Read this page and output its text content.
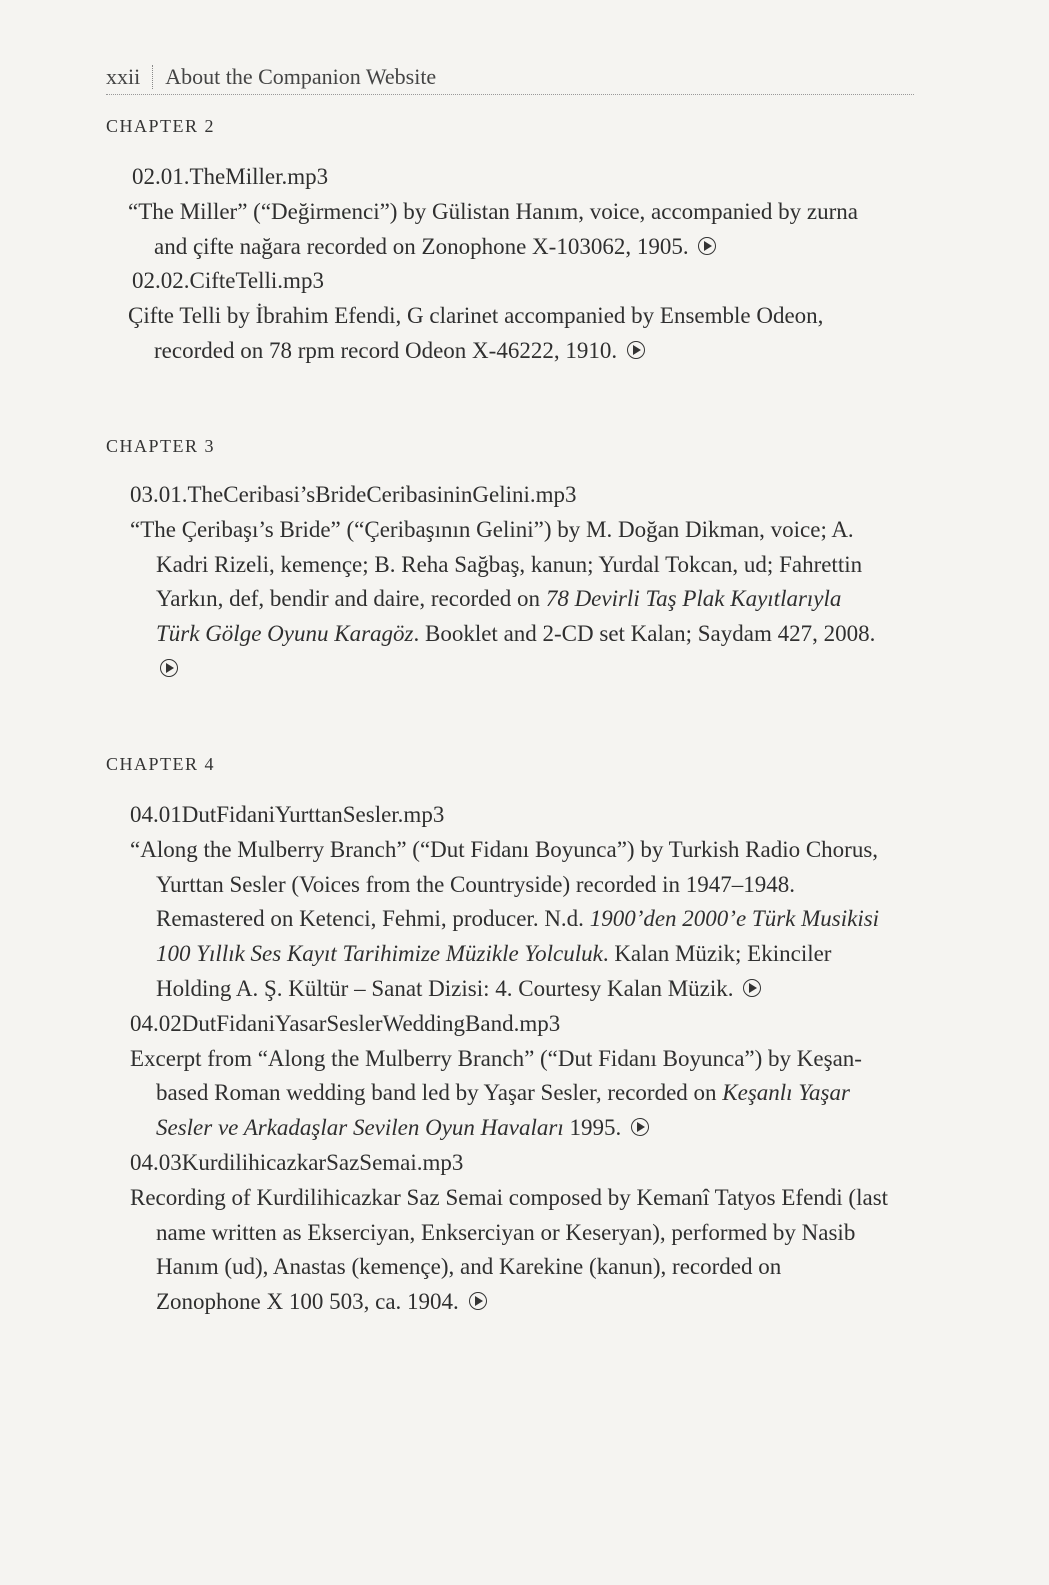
xxii About the Companion Website
CHAPTER 2
02.01.TheMiller.mp3
“The Miller” (“Değirmenci”) by Gülistan Hanım, voice, accompanied by zurna and çifte nağara recorded on Zonophone X-103062, 1905.
02.02.CifteTelli.mp3
Çifte Telli by İbrahim Efendi, G clarinet accompanied by Ensemble Odeon, recorded on 78 rpm record Odeon X-46222, 1910.
CHAPTER 3
03.01.TheCeribasi’sBrideCeribasininGelini.mp3
“The Çeribaşı’s Bride” (“Çeribaşının Gelini”) by M. Doğan Dikman, voice; A. Kadri Rizeli, kemençe; B. Reha Sağbaş, kanun; Yurdal Tokcan, ud; Fahrettin Yarkın, def, bendir and daire, recorded on 78 Devirli Taş Plak Kayıtlarıyla Türk Gölge Oyunu Karagöz. Booklet and 2-CD set Kalan; Saydam 427, 2008.
CHAPTER 4
04.01DutFidaniYurttanSesler.mp3
“Along the Mulberry Branch” (“Dut Fidanı Boyunca”) by Turkish Radio Chorus, Yurttan Sesler (Voices from the Countryside) recorded in 1947–1948. Remastered on Ketenci, Fehmi, producer. N.d. 1900’den 2000’e Türk Musikisi 100 Yıllık Ses Kayıt Tarihimize Müzikle Yolculuk. Kalan Müzik; Ekinciler Holding A. Ş. Kültür – Sanat Dizisi: 4. Courtesy Kalan Müzik.
04.02DutFidaniYasarSeslerWeddingBand.mp3
Excerpt from “Along the Mulberry Branch” (“Dut Fidanı Boyunca”) by Keşan-based Roman wedding band led by Yaşar Sesler, recorded on Keşanlı Yaşar Sesler ve Arkadaşlar Sevilen Oyun Havaları 1995.
04.03KurdilihicazkarSazSemai.mp3
Recording of Kurdilihicazkar Saz Semai composed by Kemanî Tatyos Efendi (last name written as Ekserciyan, Enkserciyan or Keseryan), performed by Nasib Hanım (ud), Anastas (kemençe), and Karekine (kanun), recorded on Zonophone X 100 503, ca. 1904.
